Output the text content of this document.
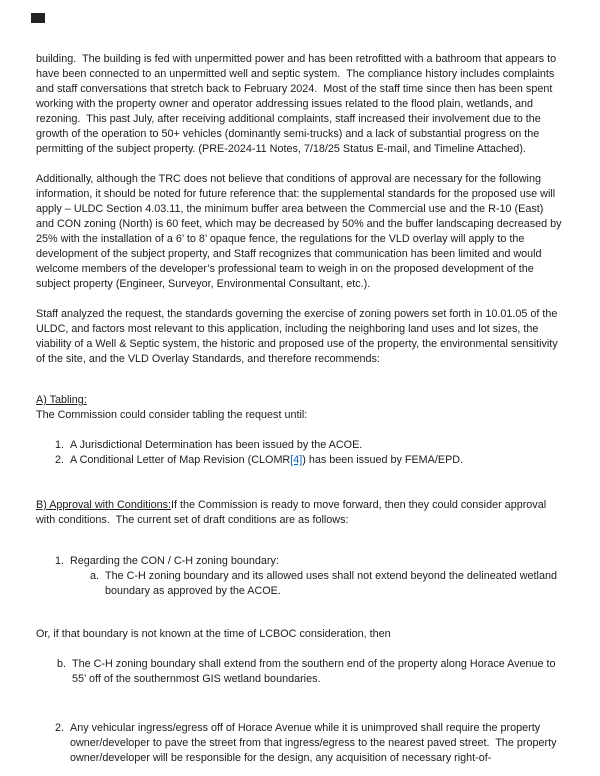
building.  The building is fed with unpermitted power and has been retrofitted with a bathroom that appears to have been connected to an unpermitted well and septic system.  The compliance history includes complaints and staff conversations that stretch back to February 2024.  Most of the staff time since then has been spent working with the property owner and operator addressing issues related to the flood plain, wetlands, and rezoning.  This past July, after receiving additional complaints, staff increased their involvement due to the growth of the operation to 50+ vehicles (dominantly semi-trucks) and a lack of substantial progress on the permitting of the subject property. (PRE-2024-11 Notes, 7/18/25 Status E-mail, and Timeline Attached).

Additionally, although the TRC does not believe that conditions of approval are necessary for the following information, it should be noted for future reference that: the supplemental standards for the proposed use will apply – ULDC Section 4.03.11, the minimum buffer area between the Commercial use and the R-10 (East) and CON zoning (North) is 60 feet, which may be decreased by 50% and the buffer landscaping decreased by 25% with the installation of a 6’ to 8’ opaque fence, the regulations for the VLD overlay will apply to the development of the subject property, and Staff recognizes that communication has been limited and would welcome members of the developer’s professional team to weigh in on the proposed development of the subject property (Engineer, Surveyor, Environmental Consultant, etc.).

Staff analyzed the request, the standards governing the exercise of zoning powers set forth in 10.01.05 of the ULDC, and factors most relevant to this application, including the neighboring land uses and lot sizes, the viability of a Well & Septic system, the historic and proposed use of the property, the environmental sensitivity of the site, and the VLD Overlay Standards, and therefore recommends:

A) Tabling:

The Commission could consider tabling the request until:

1. A Jurisdictional Determination has been issued by the ACOE.
2. A Conditional Letter of Map Revision (CLOMR[4]) has been issued by FEMA/EPD.

B) Approval with Conditions:If the Commission is ready to move forward, then they could consider approval with conditions.  The current set of draft conditions are as follows:

1. Regarding the CON / C-H zoning boundary:
a. The C-H zoning boundary and its allowed uses shall not extend beyond the delineated wetland boundary as approved by the ACOE.

Or, if that boundary is not known at the time of LCBOC consideration, then

b. The C-H zoning boundary shall extend from the southern end of the property along Horace Avenue to 55’ off of the southernmost GIS wetland boundaries.
2. Any vehicular ingress/egress off of Horace Avenue while it is unimproved shall require the property owner/developer to pave the street from that ingress/egress to the nearest paved street.  The property owner/developer will be responsible for the design, any acquisition of necessary right-of-
